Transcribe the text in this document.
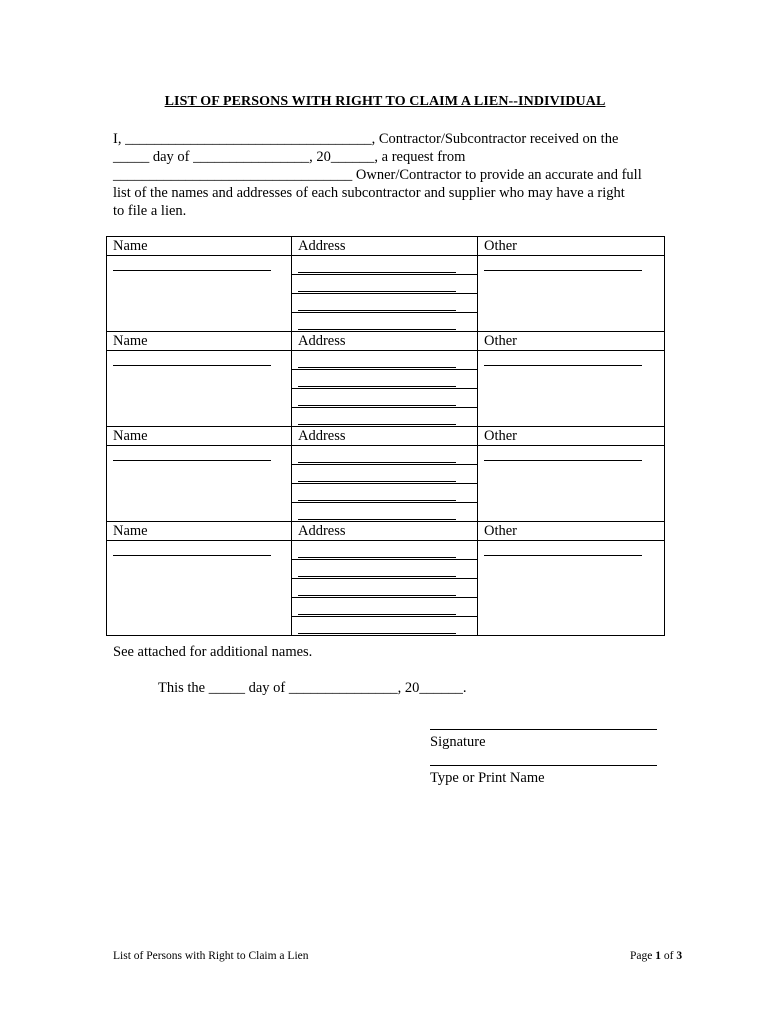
LIST OF PERSONS WITH RIGHT TO CLAIM A LIEN--INDIVIDUAL
I, __________________________________, Contractor/Subcontractor received on the
_____ day of ________________, 20______, a request from
_________________________________ Owner/Contractor to provide an accurate and full
list of the names and addresses of each subcontractor and supplier who may have a right
to file a lien.
Name	Address	Other

Name	Address	Other

Name	Address	Other

Name	Address	Other

See attached for additional names.
This the _____ day of _______________, 20______.
Signature
Type or Print Name
List of Persons with Right to Claim a Lien	Page 1 of 3
